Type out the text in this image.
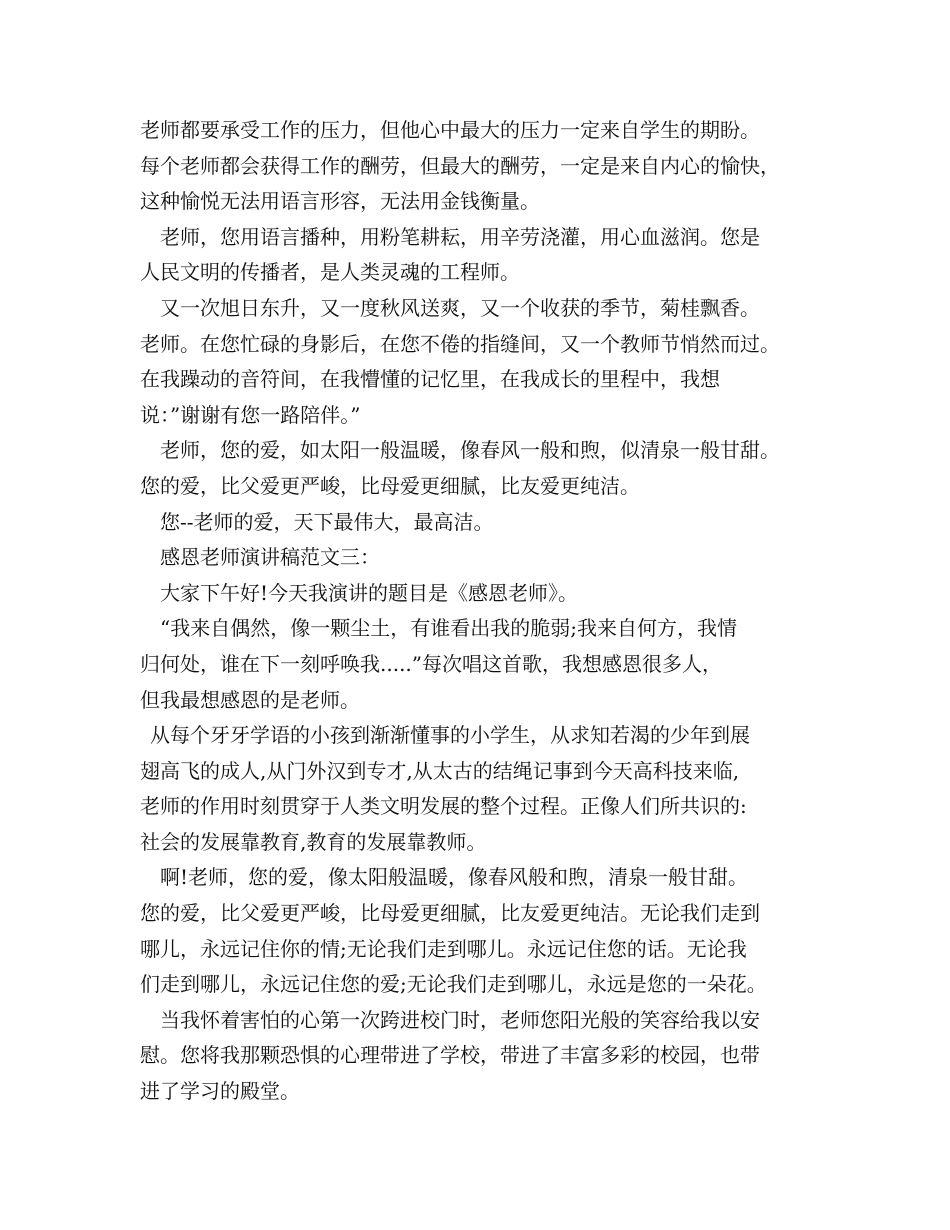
老师都要承受工作的压力，但他心中最大的压力一定来自学生的期盼。
每个老师都会获得工作的酬劳，但最大的酬劳，一定是来自内心的愉快，
这种愉悦无法用语言形容，无法用金钱衡量。
老师，您用语言播种，用粉笔耕耘，用辛劳浇灌，用心血滋润。您是
人民文明的传播者，是人类灵魂的工程师。
又一次旭日东升，又一度秋风送爽，又一个收获的季节，菊桂飘香。
老师。在您忙碌的身影后，在您不倦的指缝间，又一个教师节悄然而过。
在我躁动的音符间，在我懵懂的记忆里，在我成长的里程中，我想
说：”谢谢有您一路陪伴。”
老师，您的爱，如太阳一般温暖，像春风一般和煦，似清泉一般甘甜。
您的爱，比父爱更严峻，比母爱更细腻，比友爱更纯洁。
您--老师的爱，天下最伟大，最高洁。
感恩老师演讲稿范文三：
大家下午好!今天我演讲的题目是《感恩老师》。
“我来自偶然，像一颗尘土，有谁看出我的脆弱;我来自何方，我情
归何处，谁在下一刻呼唤我.....”每次唱这首歌，我想感恩很多人，
但我最想感恩的是老师。
从每个牙牙学语的小孩到渐渐懂事的小学生，从求知若渴的少年到展
翅高飞的成人,从门外汉到专才,从太古的结绳记事到今天高科技来临,
老师的作用时刻贯穿于人类文明发展的整个过程。正像人们所共识的:
社会的发展靠教育,教育的发展靠教师。
啊!老师，您的爱，像太阳般温暖，像春风般和煦，清泉一般甘甜。
您的爱，比父爱更严峻，比母爱更细腻，比友爱更纯洁。无论我们走到
哪儿，永远记住你的情;无论我们走到哪儿。永远记住您的话。无论我
们走到哪儿，永远记住您的爱;无论我们走到哪儿，永远是您的一朵花。
当我怀着害怕的心第一次跨进校门时，老师您阳光般的笑容给我以安
慰。您将我那颗恐惧的心理带进了学校，带进了丰富多彩的校园，也带
进了学习的殿堂。
